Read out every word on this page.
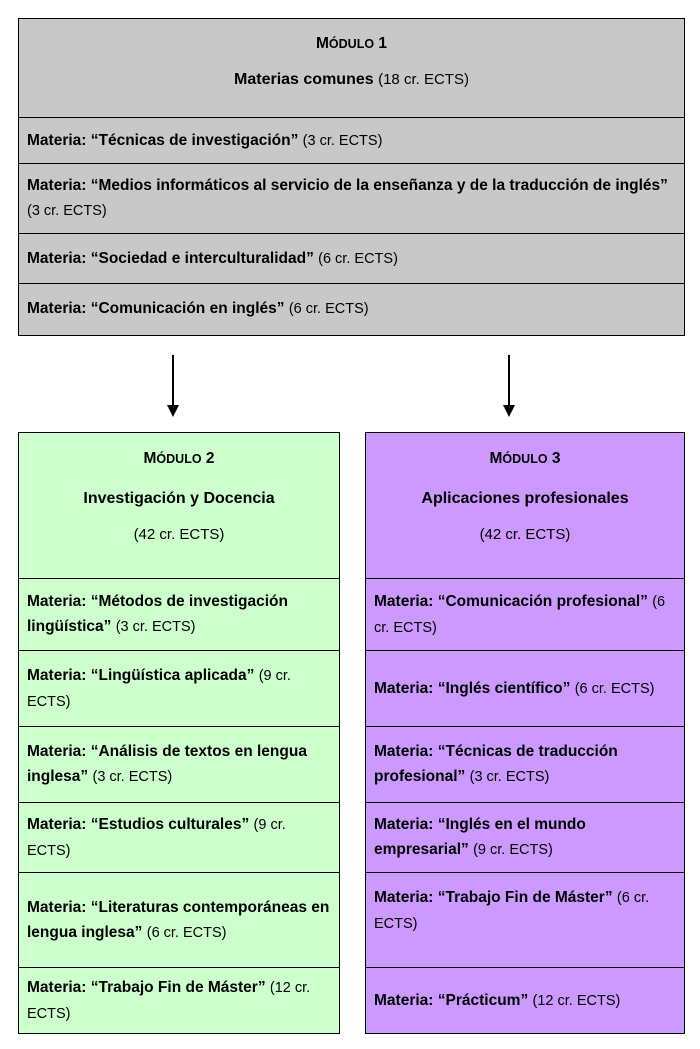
MÓDULO 1
Materias comunes (18 cr. ECTS)
Materia: “Técnicas de investigación” (3 cr. ECTS)
Materia: “Medios informáticos al servicio de la enseñanza y de la traducción de inglés” (3 cr. ECTS)
Materia: “Sociedad e interculturalidad” (6 cr. ECTS)
Materia: “Comunicación en inglés” (6 cr. ECTS)
MÓDULO 2
Investigación y Docencia
(42 cr. ECTS)
Materia: “Métodos de investigación lingüística” (3 cr. ECTS)
Materia: “Lingüística aplicada” (9 cr. ECTS)
Materia: “Análisis de textos en lengua inglesa” (3 cr. ECTS)
Materia: “Estudios culturales” (9 cr. ECTS)
Materia: “Literaturas contemporáneas en lengua inglesa” (6 cr. ECTS)
Materia: “Trabajo Fin de Máster” (12 cr. ECTS)
MÓDULO 3
Aplicaciones profesionales
(42 cr. ECTS)
Materia: “Comunicación profesional” (6 cr. ECTS)
Materia: “Inglés científico” (6 cr. ECTS)
Materia: “Técnicas de traducción profesional” (3 cr. ECTS)
Materia: “Inglés en el mundo empresarial” (9 cr. ECTS)
Materia: “Trabajo Fin de Máster” (6 cr. ECTS)
Materia: “Prácticum” (12 cr. ECTS)
